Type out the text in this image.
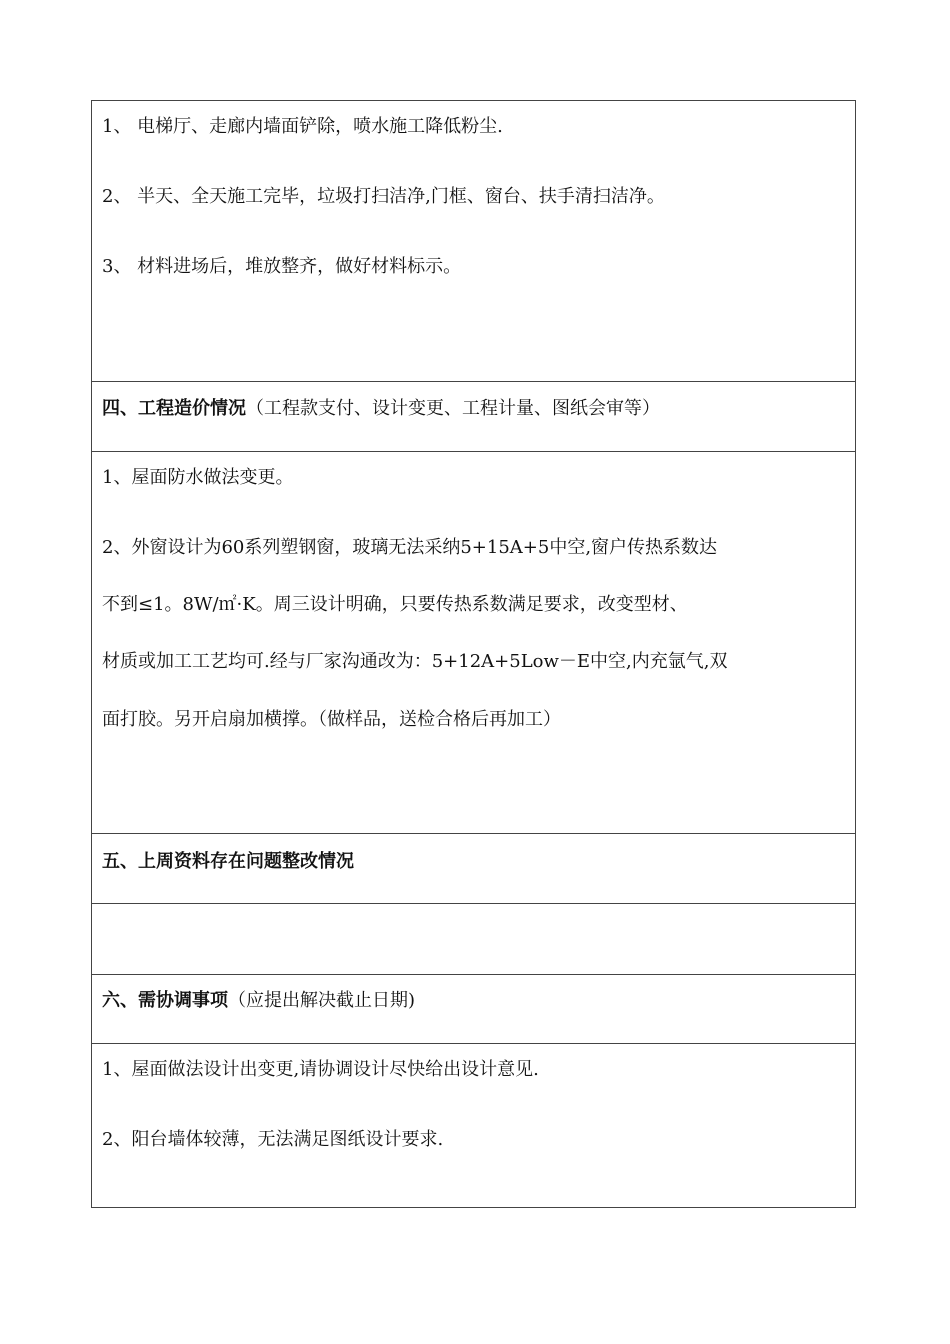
1、 电梯厅、走廊内墙面铲除，喷水施工降低粉尘.
2、 半天、全天施工完毕，垃圾打扫洁净,门框、窗台、扶手清扫洁净。
3、 材料进场后，堆放整齐，做好材料标示。
四、工程造价情况（工程款支付、设计变更、工程计量、图纸会审等）
1、屋面防水做法变更。
2、外窗设计为60系列塑钢窗，玻璃无法采纳5+15A+5中空,窗户传热系数达
不到≤1。8W/㎡·K。周三设计明确，只要传热系数满足要求，改变型材、
材质或加工工艺均可.经与厂家沟通改为：5+12A+5Low－E中空,内充氩气,双
面打胶。另开启扇加横撑。（做样品，送检合格后再加工）
五、上周资料存在问题整改情况
六、需协调事项（应提出解决截止日期)
1、屋面做法设计出变更,请协调设计尽快给出设计意见.
2、阳台墙体较薄，无法满足图纸设计要求.
